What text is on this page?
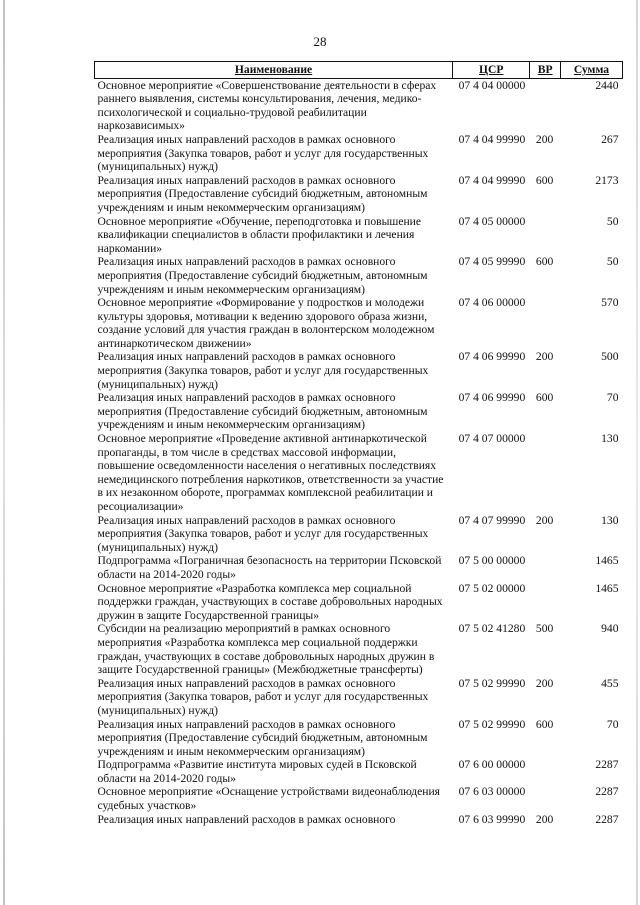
28
Наименование	ЦСР	ВР	Сумма
Основное мероприятие «Совершенствование деятельности в сферах раннего выявления, системы консультирования, лечения, медико-психологической и социально-трудовой реабилитации наркозависимых»	07 4 04 00000		2440
Реализация иных направлений расходов в рамках основного мероприятия (Закупка товаров, работ и услуг для государственных (муниципальных) нужд)	07 4 04 99990	200	267
Реализация иных направлений расходов в рамках основного мероприятия (Предоставление субсидий бюджетным, автономным учреждениям и иным некоммерческим организациям)	07 4 04 99990	600	2173
Основное мероприятие «Обучение, переподготовка и повышение квалификации специалистов в области профилактики и лечения наркомании»	07 4 05 00000		50
Реализация иных направлений расходов в рамках основного мероприятия (Предоставление субсидий бюджетным, автономным учреждениям и иным некоммерческим организациям)	07 4 05 99990	600	50
Основное мероприятие «Формирование у подростков и молодежи культуры здоровья, мотивации к ведению здорового образа жизни, создание условий для участия граждан в волонтерском молодежном антинаркотическом движении»	07 4 06 00000		570
Реализация иных направлений расходов в рамках основного мероприятия (Закупка товаров, работ и услуг для государственных (муниципальных) нужд)	07 4 06 99990	200	500
Реализация иных направлений расходов в рамках основного мероприятия (Предоставление субсидий бюджетным, автономным учреждениям и иным некоммерческим организациям)	07 4 06 99990	600	70
Основное мероприятие «Проведение активной антинаркотической пропаганды, в том числе в средствах массовой информации, повышение осведомленности населения о негативных последствиях немедицинского потребления наркотиков, ответственности за участие в их незаконном обороте, программах комплексной реабилитации и ресоциализации»	07 4 07 00000		130
Реализация иных направлений расходов в рамках основного мероприятия (Закупка товаров, работ и услуг для государственных (муниципальных) нужд)	07 4 07 99990	200	130
Подпрограмма «Пограничная безопасность на территории Псковской области на 2014-2020 годы»	07 5 00 00000		1465
Основное мероприятие «Разработка комплекса мер социальной поддержки граждан, участвующих в составе добровольных народных дружин в защите Государственной границы»	07 5 02 00000		1465
Субсидии на реализацию мероприятий в рамках основного мероприятия «Разработка комплекса мер социальной поддержки граждан, участвующих в составе добровольных народных дружин в защите Государственной границы» (Межбюджетные трансферты)	07 5 02 41280	500	940
Реализация иных направлений расходов в рамках основного мероприятия (Закупка товаров, работ и услуг для государственных (муниципальных) нужд)	07 5 02 99990	200	455
Реализация иных направлений расходов в рамках основного мероприятия (Предоставление субсидий бюджетным, автономным учреждениям и иным некоммерческим организациям)	07 5 02 99990	600	70
Подпрограмма «Развитие института мировых судей в Псковской области на 2014-2020 годы»	07 6 00 00000		2287
Основное мероприятие «Оснащение устройствами видеонаблюдения судебных участков»	07 6 03 00000		2287
Реализация иных направлений расходов в рамках основного	07 6 03 99990	200	2287
